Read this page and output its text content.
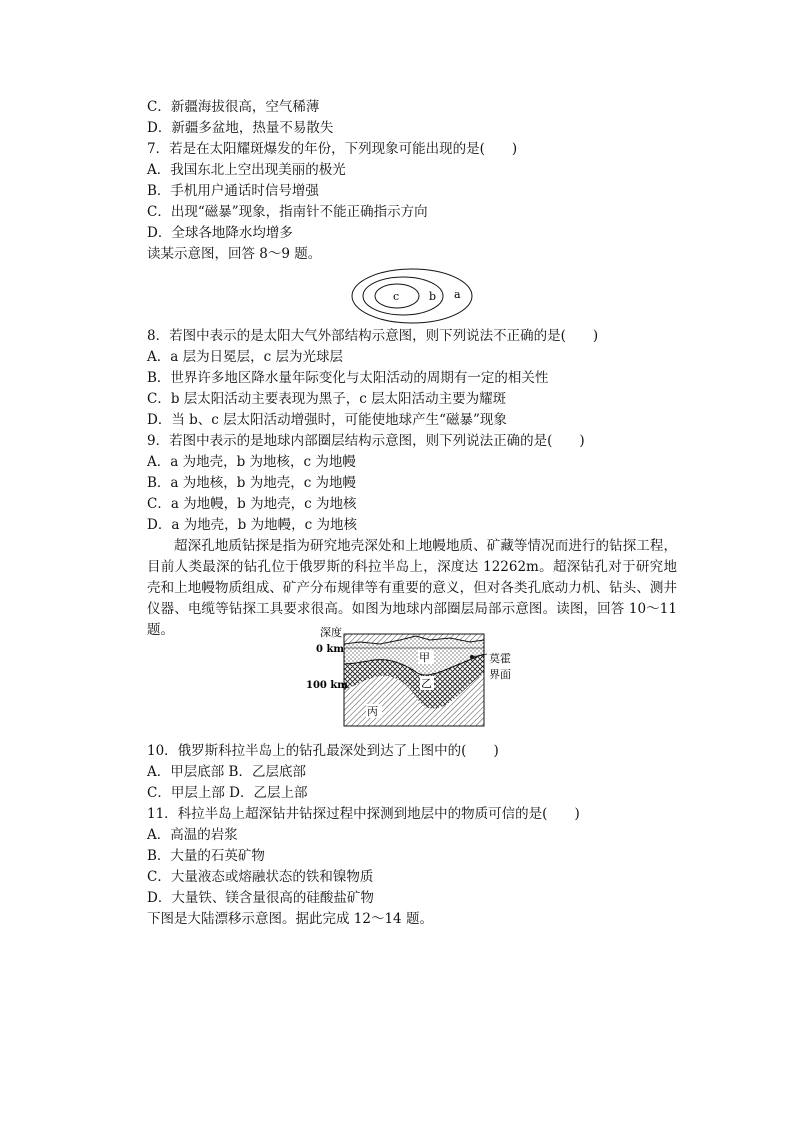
C．新疆海拔很高，空气稀薄
D．新疆多盆地，热量不易散失
7．若是在太阳耀斑爆发的年份，下列现象可能出现的是(　　)
A．我国东北上空出现美丽的极光
B．手机用户通话时信号增强
C．出现“磁暴”现象，指南针不能正确指示方向
D．全球各地降水均增多
读某示意图，回答 8～9 题。
c	b a
8．若图中表示的是太阳大气外部结构示意图，则下列说法不正确的是(　　)
A．a 层为日冕层，c 层为光球层
B．世界许多地区降水量年际变化与太阳活动的周期有一定的相关性
C．b 层太阳活动主要表现为黑子，c 层太阳活动主要为耀斑
D．当 b、c 层太阳活动增强时，可能使地球产生“磁暴”现象
9．若图中表示的是地球内部圈层结构示意图，则下列说法正确的是(　　)
A．a 为地壳，b 为地核，c 为地幔
B．a 为地核，b 为地壳，c 为地幔
C．a 为地幔，b 为地壳，c 为地核
D．a 为地壳，b 为地幔，c 为地核
超深孔地质钻探是指为研究地壳深处和上地幔地质、矿藏等情况而进行的钻探工程，目前人类最深的钻孔位于俄罗斯的科拉半岛上，深度达 12262m。超深钻孔对于研究地壳和上地幔物质组成、矿产分布规律等有重要的意义，但对各类孔底动力机、钻头、测井仪器、电缆等钻探工具要求很高。如图为地球内部圈层局部示意图。读图，回答 10～11 题。	深度
0 km
100 km
甲
乙
丙
莫霍
界面
10．俄罗斯科拉半岛上的钻孔最深处到达了上图中的(　　)
A．甲层底部 B．乙层底部
C．甲层上部 D．乙层上部
11．科拉半岛上超深钻井钻探过程中探测到地层中的物质可信的是(　　)
A．高温的岩浆
B．大量的石英矿物
C．大量液态或熔融状态的铁和镍物质
D．大量铁、镁含量很高的硅酸盐矿物
下图是大陆漂移示意图。据此完成 12～14 题。
